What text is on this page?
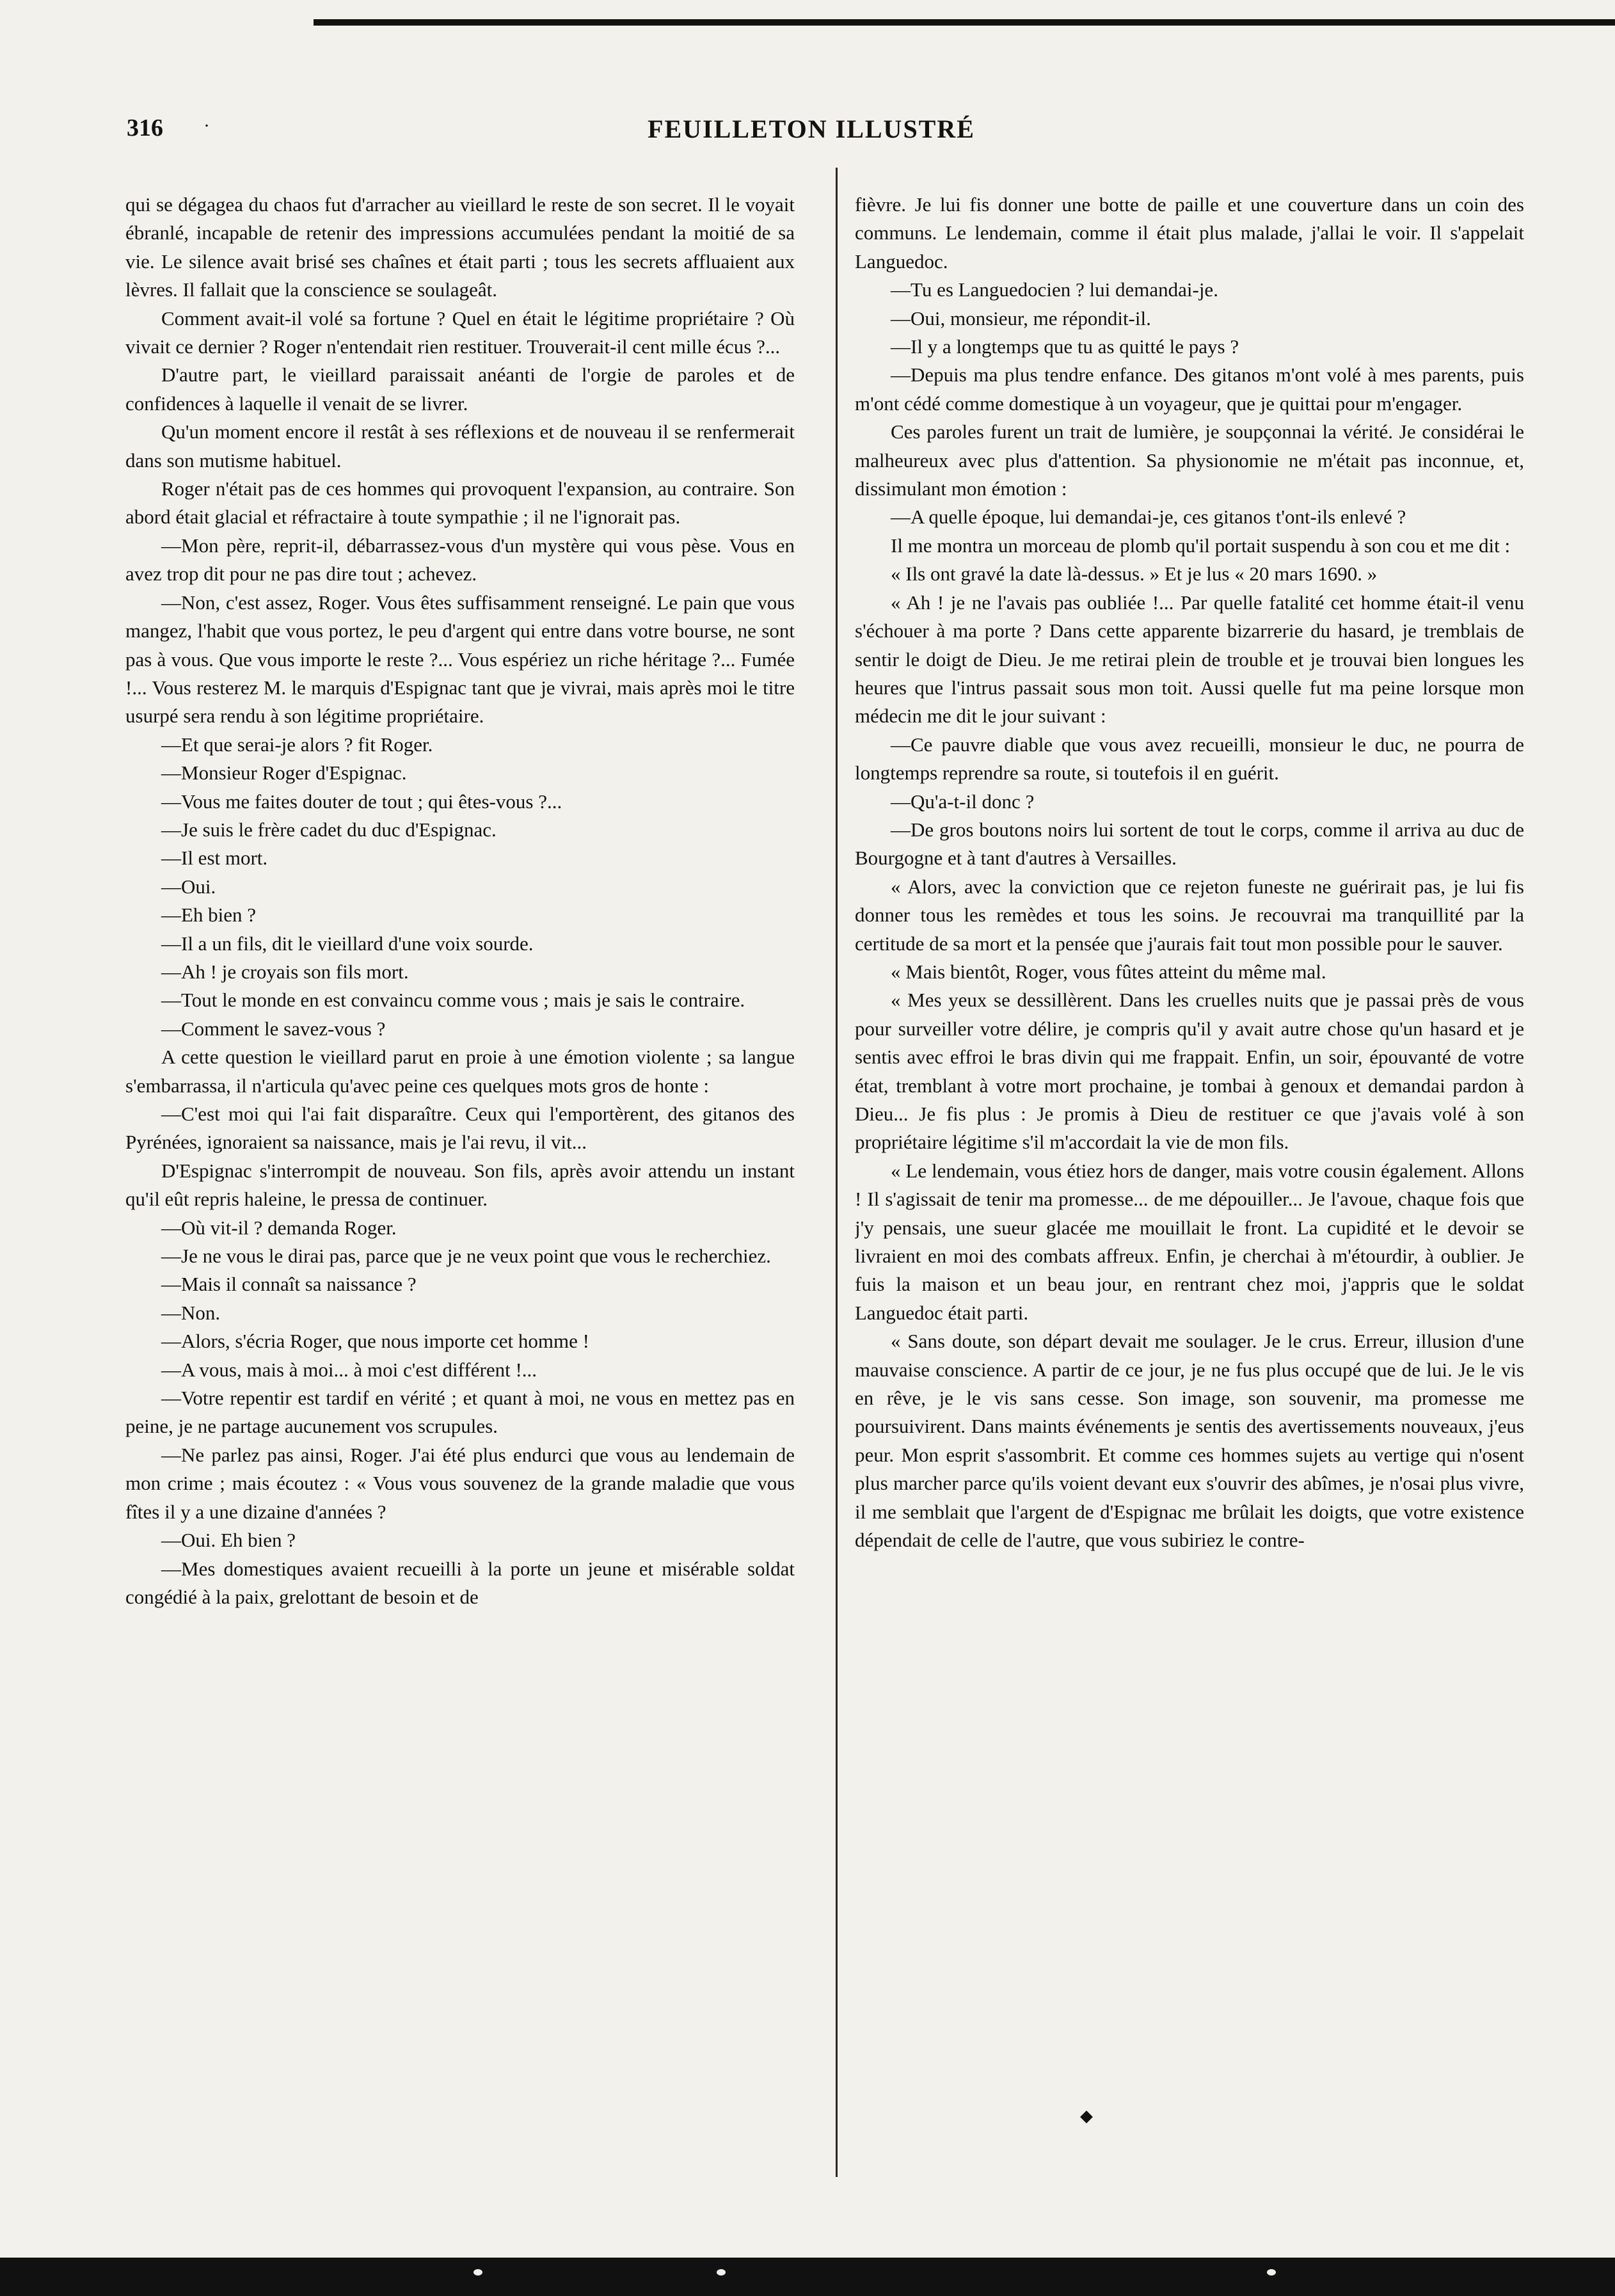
316 ·	FEUILLETON ILLUSTRÉ

qui se dégagea du chaos fut d'arracher au vieillard le reste de son secret. Il le voyait ébranlé, incapable de retenir des impressions accumulées pendant la moitié de sa vie. Le silence avait brisé ses chaînes et était parti ; tous les secrets affluaient aux lèvres. Il fallait que la conscience se soulageât.

Comment avait-il volé sa fortune ? Quel en était le légitime propriétaire ? Où vivait ce dernier ? Roger n'entendait rien restituer. Trouverait-il cent mille écus ?...

D'autre part, le vieillard paraissait anéanti de l'orgie de paroles et de confidences à laquelle il venait de se livrer.

Qu'un moment encore il restât à ses réflexions et de nouveau il se renfermerait dans son mutisme habituel.

Roger n'était pas de ces hommes qui provoquent l'expansion, au contraire. Son abord était glacial et réfractaire à toute sympathie ; il ne l'ignorait pas.

—Mon père, reprit-il, débarrassez-vous d'un mystère qui vous pèse. Vous en avez trop dit pour ne pas dire tout ; achevez.

—Non, c'est assez, Roger. Vous êtes suffisamment renseigné. Le pain que vous mangez, l'habit que vous portez, le peu d'argent qui entre dans votre bourse, ne sont pas à vous. Que vous importe le reste ?... Vous espériez un riche héritage ?... Fumée !... Vous resterez M. le marquis d'Espignac tant que je vivrai, mais après moi le titre usurpé sera rendu à son légitime propriétaire.

—Et que serai-je alors ? fit Roger.

—Monsieur Roger d'Espignac.

—Vous me faites douter de tout ; qui êtes-vous ?...

—Je suis le frère cadet du duc d'Espignac.

—Il est mort.

—Oui.

—Eh bien ?

—Il a un fils, dit le vieillard d'une voix sourde.

—Ah ! je croyais son fils mort.

—Tout le monde en est convaincu comme vous ; mais je sais le contraire.

—Comment le savez-vous ?

A cette question le vieillard parut en proie à une émotion violente ; sa langue s'embarrassa, il n'articula qu'avec peine ces quelques mots gros de honte :

—C'est moi qui l'ai fait disparaître. Ceux qui l'emportèrent, des gitanos des Pyrénées, ignoraient sa naissance, mais je l'ai revu, il vit...

D'Espignac s'interrompit de nouveau. Son fils, après avoir attendu un instant qu'il eût repris haleine, le pressa de continuer.

—Où vit-il ? demanda Roger.

—Je ne vous le dirai pas, parce que je ne veux point que vous le recherchiez.

—Mais il connaît sa naissance ?

—Non.

—Alors, s'écria Roger, que nous importe cet homme !

—A vous, mais à moi... à moi c'est différent !...

—Votre repentir est tardif en vérité ; et quant à moi, ne vous en mettez pas en peine, je ne partage aucunement vos scrupules.

—Ne parlez pas ainsi, Roger. J'ai été plus endurci que vous au lendemain de mon crime ; mais écoutez : « Vous vous souvenez de la grande maladie que vous fîtes il y a une dizaine d'années ?

—Oui. Eh bien ?

—Mes domestiques avaient recueilli à la porte un jeune et misérable soldat congédié à la paix, grelottant de besoin et de

fièvre. Je lui fis donner une botte de paille et une couverture dans un coin des communs. Le lendemain, comme il était plus malade, j'allai le voir. Il s'appelait Languedoc.

—Tu es Languedocien ? lui demandai-je.

—Oui, monsieur, me répondit-il.

—Il y a longtemps que tu as quitté le pays ?

—Depuis ma plus tendre enfance. Des gitanos m'ont volé à mes parents, puis m'ont cédé comme domestique à un voyageur, que je quittai pour m'engager.

Ces paroles furent un trait de lumière, je soupçonnai la vérité. Je considérai le malheureux avec plus d'attention. Sa physionomie ne m'était pas inconnue, et, dissimulant mon émotion :

—A quelle époque, lui demandai-je, ces gitanos t'ont-ils enlevé ?

Il me montra un morceau de plomb qu'il portait suspendu à son cou et me dit :

« Ils ont gravé la date là-dessus. » Et je lus « 20 mars 1690. »

« Ah ! je ne l'avais pas oubliée !... Par quelle fatalité cet homme était-il venu s'échouer à ma porte ? Dans cette apparente bizarrerie du hasard, je tremblais de sentir le doigt de Dieu. Je me retirai plein de trouble et je trouvai bien longues les heures que l'intrus passait sous mon toit. Aussi quelle fut ma peine lorsque mon médecin me dit le jour suivant :

—Ce pauvre diable que vous avez recueilli, monsieur le duc, ne pourra de longtemps reprendre sa route, si toutefois il en guérit.

—Qu'a-t-il donc ?

—De gros boutons noirs lui sortent de tout le corps, comme il arriva au duc de Bourgogne et à tant d'autres à Versailles.

« Alors, avec la conviction que ce rejeton funeste ne guérirait pas, je lui fis donner tous les remèdes et tous les soins. Je recouvrai ma tranquillité par la certitude de sa mort et la pensée que j'aurais fait tout mon possible pour le sauver.

« Mais bientôt, Roger, vous fûtes atteint du même mal.

« Mes yeux se dessillèrent. Dans les cruelles nuits que je passai près de vous pour surveiller votre délire, je compris qu'il y avait autre chose qu'un hasard et je sentis avec effroi le bras divin qui me frappait. Enfin, un soir, épouvanté de votre état, tremblant à votre mort prochaine, je tombai à genoux et demandai pardon à Dieu... Je fis plus : Je promis à Dieu de restituer ce que j'avais volé à son propriétaire légitime s'il m'accordait la vie de mon fils.

« Le lendemain, vous étiez hors de danger, mais votre cousin également. Allons ! Il s'agissait de tenir ma promesse... de me dépouiller... Je l'avoue, chaque fois que j'y pensais, une sueur glacée me mouillait le front. La cupidité et le devoir se livraient en moi des combats affreux. Enfin, je cherchai à m'étourdir, à oublier. Je fuis la maison et un beau jour, en rentrant chez moi, j'appris que le soldat Languedoc était parti.

« Sans doute, son départ devait me soulager. Je le crus. Erreur, illusion d'une mauvaise conscience. A partir de ce jour, je ne fus plus occupé que de lui. Je le vis en rêve, je le vis sans cesse. Son image, son souvenir, ma promesse me poursuivirent. Dans maints événements je sentis des avertissements nouveaux, j'eus peur. Mon esprit s'assombrit. Et comme ces hommes sujets au vertige qui n'osent plus marcher parce qu'ils voient devant eux s'ouvrir des abîmes, je n'osai plus vivre, il me semblait que l'argent de d'Espignac me brûlait les doigts, que votre existence dépendait de celle de l'autre, que vous subiriez le contre-

◆
